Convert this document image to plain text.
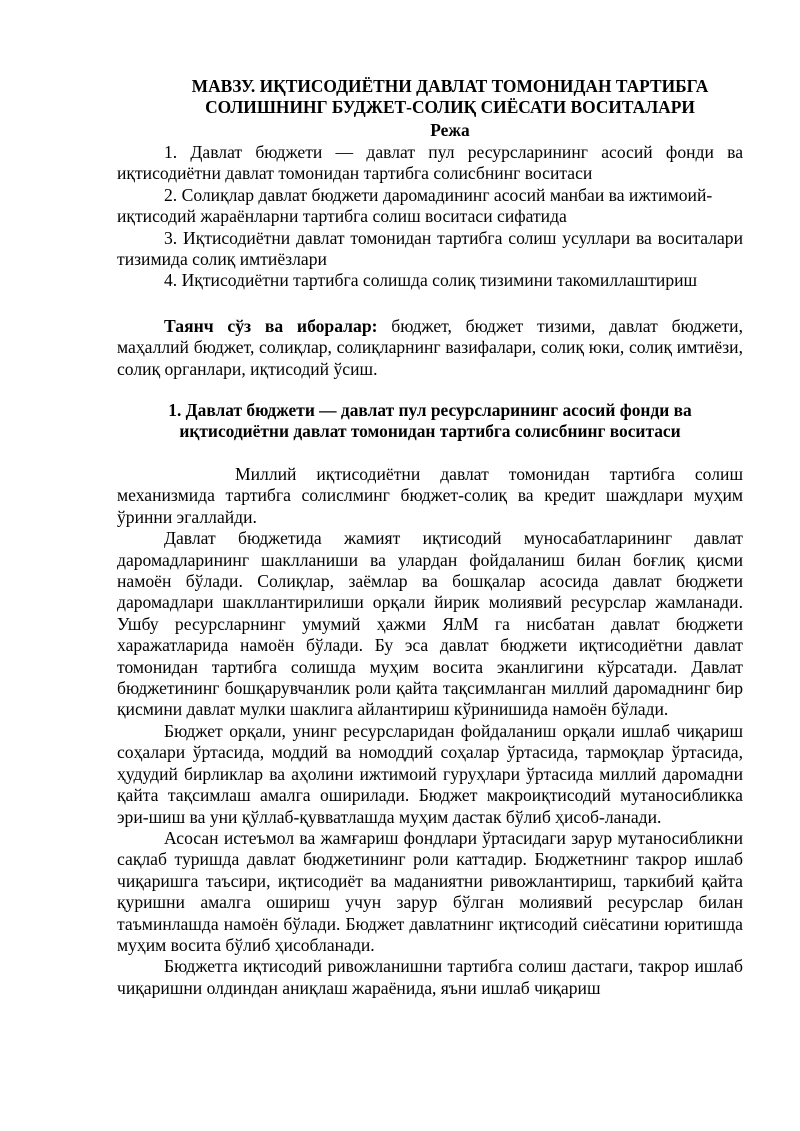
МАВЗУ. ИҚТИСОДИЁТНИ ДАВЛАТ ТОМОНИДАН ТАРТИБГА
СОЛИШНИНГ БУДЖЕТ-СОЛИҚ СИЁСАТИ ВОСИТАЛАРИ
Режа

1. Давлат бюджети — давлат пул ресурсларининг асосий фонди ва иқтисодиётни давлат томонидан тартибга солисбнинг воситаси

2. Солиқлар давлат бюджети даромадининг асосий манбаи ва ижтимоий-иқтисодий жараёнларни тартибга солиш воситаси сифатида

3. Иқтисодиётни давлат томонидан тартибга солиш усуллари ва воситалари тизимида солиқ имтиёзлари

4. Иқтисодиётни тартибга солишда солиқ тизимини такомиллаштириш

Таянч сўз ва иборалар: бюджет, бюджет тизими, давлат бюджети, маҳаллий бюджет, солиқлар, солиқларнинг вазифалари, солиқ юки, солиқ имтиёзи, солиқ органлари, иқтисодий ўсиш.
1. Давлат бюджети — давлат пул ресурсларининг асосий фонди ва иқтисодиётни давлат томонидан тартибга солисбнинг воситаси

Миллий иқтисодиётни давлат томонидан тартибга солиш механизмида тартибга солислминг бюджет-солиқ ва кредит шаждлари муҳим ўринни эгаллайди.

Давлат бюджетида жамият иқтисодий муносабатларининг давлат даромадларининг шаклланиши ва улардан фойдаланиш билан боғлиқ қисми намоён бўлади. Солиқлар, заёмлар ва бошқалар асосида давлат бюджети даромадлари шакллантирилиши орқали йирик молиявий ресурслар жамланади. Ушбу ресурсларнинг умумий ҳажми ЯлМ га нисбатан давлат бюджети харажатларида намоён бўлади. Бу эса давлат бюджети иқтисодиётни давлат томонидан тартибга солишда муҳим восита эканлигини кўрсатади. Давлат бюджетининг бошқарувчанлик роли қайта тақсимланган миллий даромаднинг бир қисмини давлат мулки шаклига айлантириш кўринишида намоён бўлади.

Бюджет орқали, унинг ресурсларидан фойдаланиш орқали ишлаб чиқариш соҳалари ўртасида, моддий ва номоддий соҳалар ўртасида, тармоқлар ўртасида, ҳудудий бирликлар ва аҳолини ижтимоий гуруҳлари ўртасида миллий даромадни қайта тақсимлаш амалга оширилади. Бюджет макроиқтисодий мутаносибликка эри-шиш ва уни қўллаб-қувватлашда муҳим дастак бўлиб ҳисоб-ланади.

Асосан истеъмол ва жамғариш фондлари ўртасидаги зарур мутаносибликни сақлаб туришда давлат бюджетининг роли каттадир. Бюджетнинг такрор ишлаб чиқаришга таъсири, иқтисодиёт ва маданиятни ривожлантириш, таркибий қайта қуришни амалга ошириш учун зарур бўлган молиявий ресурслар билан таъминлашда намоён бўлади. Бюджет давлатнинг иқтисодий сиёсатини юритишда муҳим восита бўлиб ҳисобланади.

Бюджетга иқтисодий ривожланишни тартибга солиш дастаги, такрор ишлаб чиқаришни олдиндан аниқлаш жараёнида, яъни ишлаб чиқариш
